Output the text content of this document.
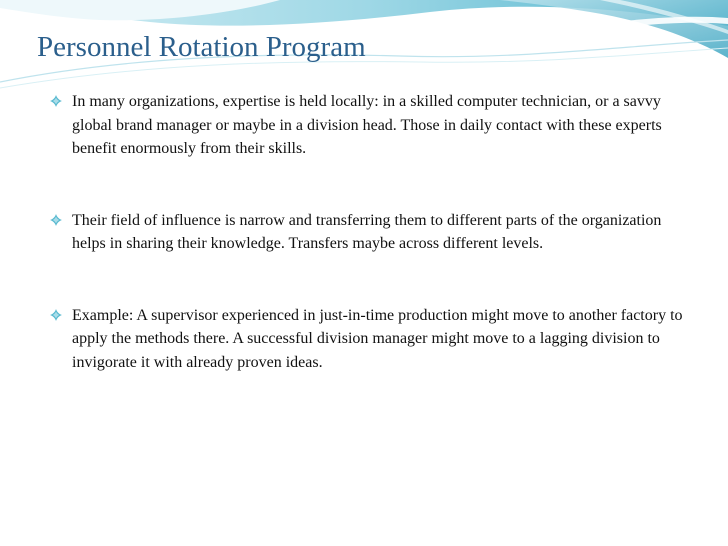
Personnel Rotation Program
In many organizations, expertise is held locally: in a skilled computer technician, or a savvy global brand manager or maybe in a division head. Those in daily contact with these experts benefit enormously from their skills.
Their field of influence is narrow and transferring them to different parts of the organization helps in sharing their knowledge. Transfers maybe across different levels.
Example: A supervisor experienced in just-in-time production might move to another factory to apply the methods there. A successful division manager might move to a lagging division to invigorate it with already proven ideas.
